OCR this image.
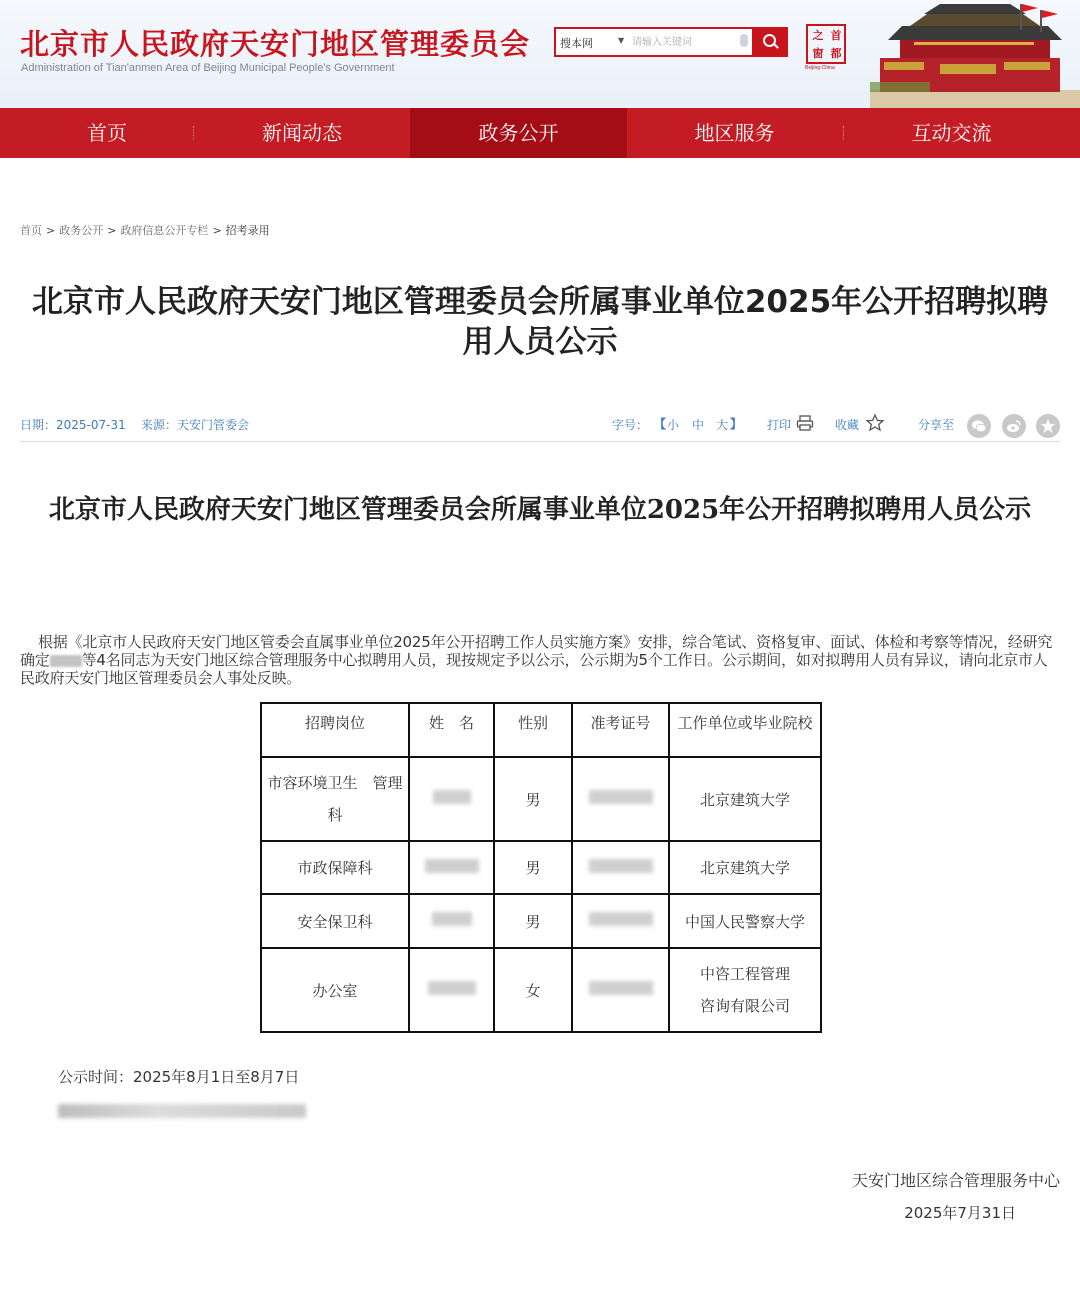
北京市人民政府天安门地区管理委员会
Administration of Tian'anmen Area of Beijing Municipal People's Government
搜本网	▼
请输入关键词	之 首
窗 都
Beijing·China
首页	新闻动态	政务公开	地区服务	互动交流
首页 > 政务公开 > 政府信息公开专栏 > 招考录用
北京市人民政府天安门地区管理委员会所属事业单位2025年公开招聘拟聘用人员公示
日期：2025-07-31 来源：天安门管委会	字号： 【 小 中 大 】 打印	收藏	分享至
北京市人民政府天安门地区管理委员会所属事业单位2025年公开招聘拟聘用人员公示

根据《北京市人民政府天安门地区管委会直属事业单位2025年公开招聘工作人员实施方案》安排，综合笔试、资格复审、面试、体检和考察等情况，经研究确定 等4名同志为天安门地区综合管理服务中心拟聘用人员，现按规定予以公示，公示期为5个工作日。公示期间，如对拟聘用人员有异议，请向北京市人民政府天安门地区管理委员会人事处反映。

招聘岗位	姓　名	性别	准考证号	工作单位或毕业院校
市容环境卫生　管理科		男		北京建筑大学
市政保障科		男		北京建筑大学
安全保卫科		男		中国人民警察大学
办公室		女		中咨工程管理咨询有限公司
公示时间：2025年8月1日至8月7日
天安门地区综合管理服务中心
2025年7月31日
